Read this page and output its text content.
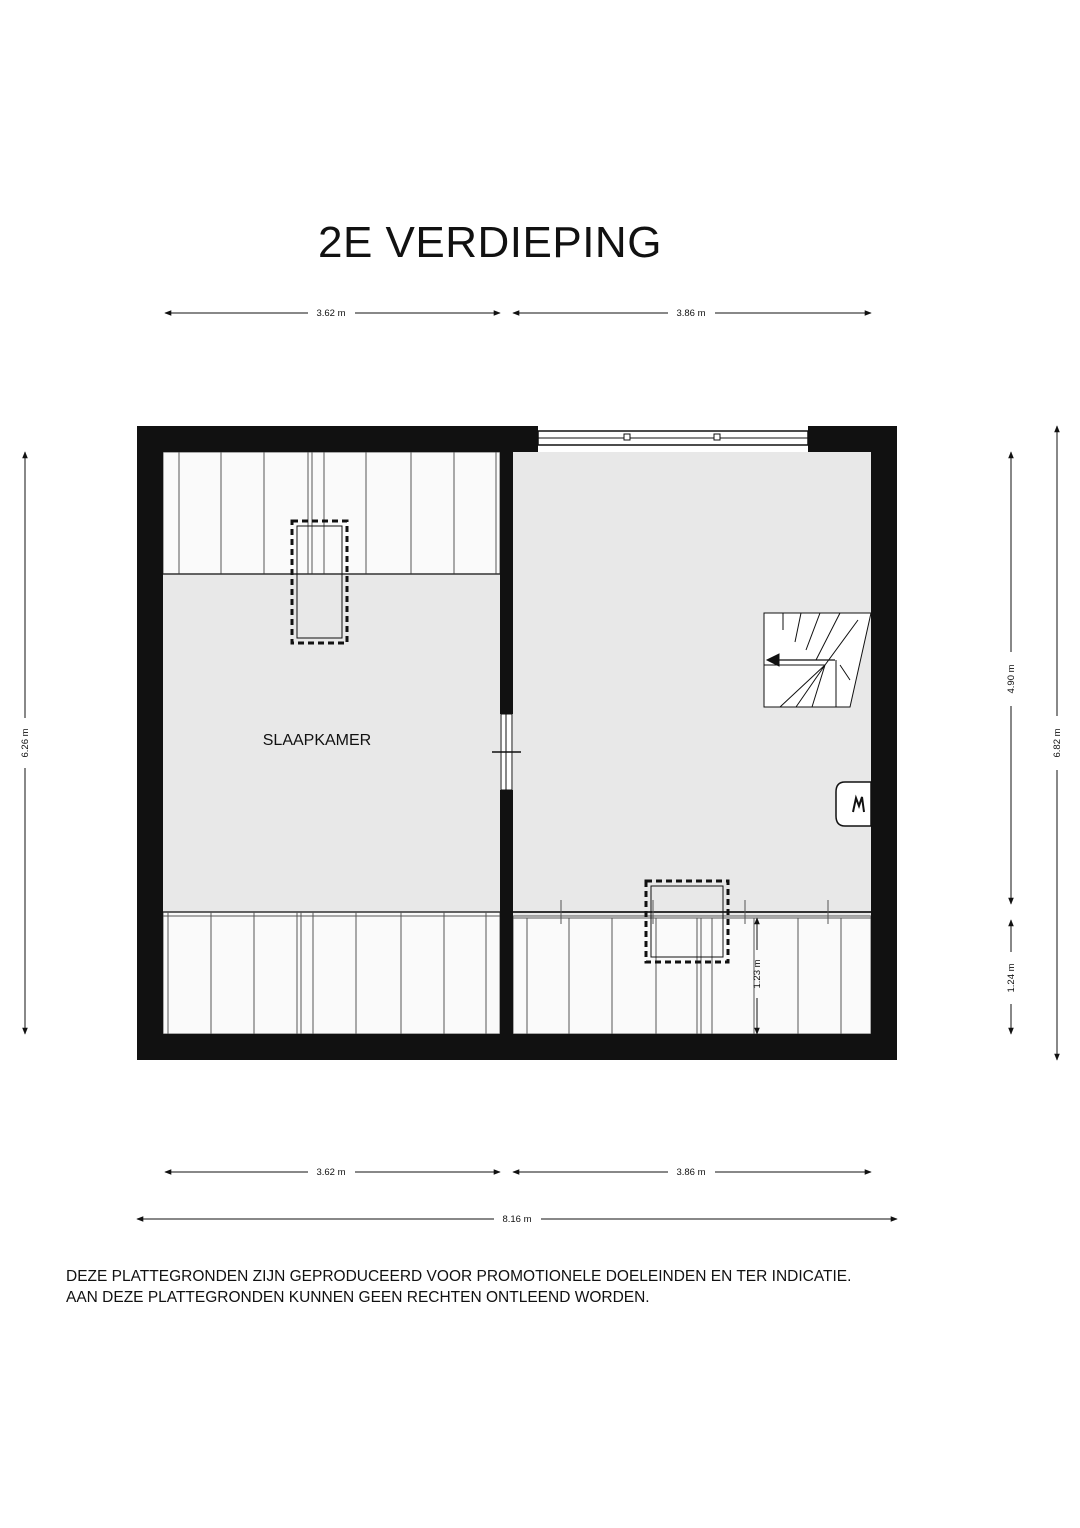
2E VERDIEPING
SLAAPKAMER
3.62 m	3.86 m
3.62 m	3.86 m
8.16 m
6.26 m
4.90 m
1.24 m
6.82 m
1.23 m
DEZE PLATTEGRONDEN ZIJN GEPRODUCEERD VOOR PROMOTIONELE DOELEINDEN EN TER INDICATIE.
AAN DEZE PLATTEGRONDEN KUNNEN GEEN RECHTEN ONTLEEND WORDEN.
